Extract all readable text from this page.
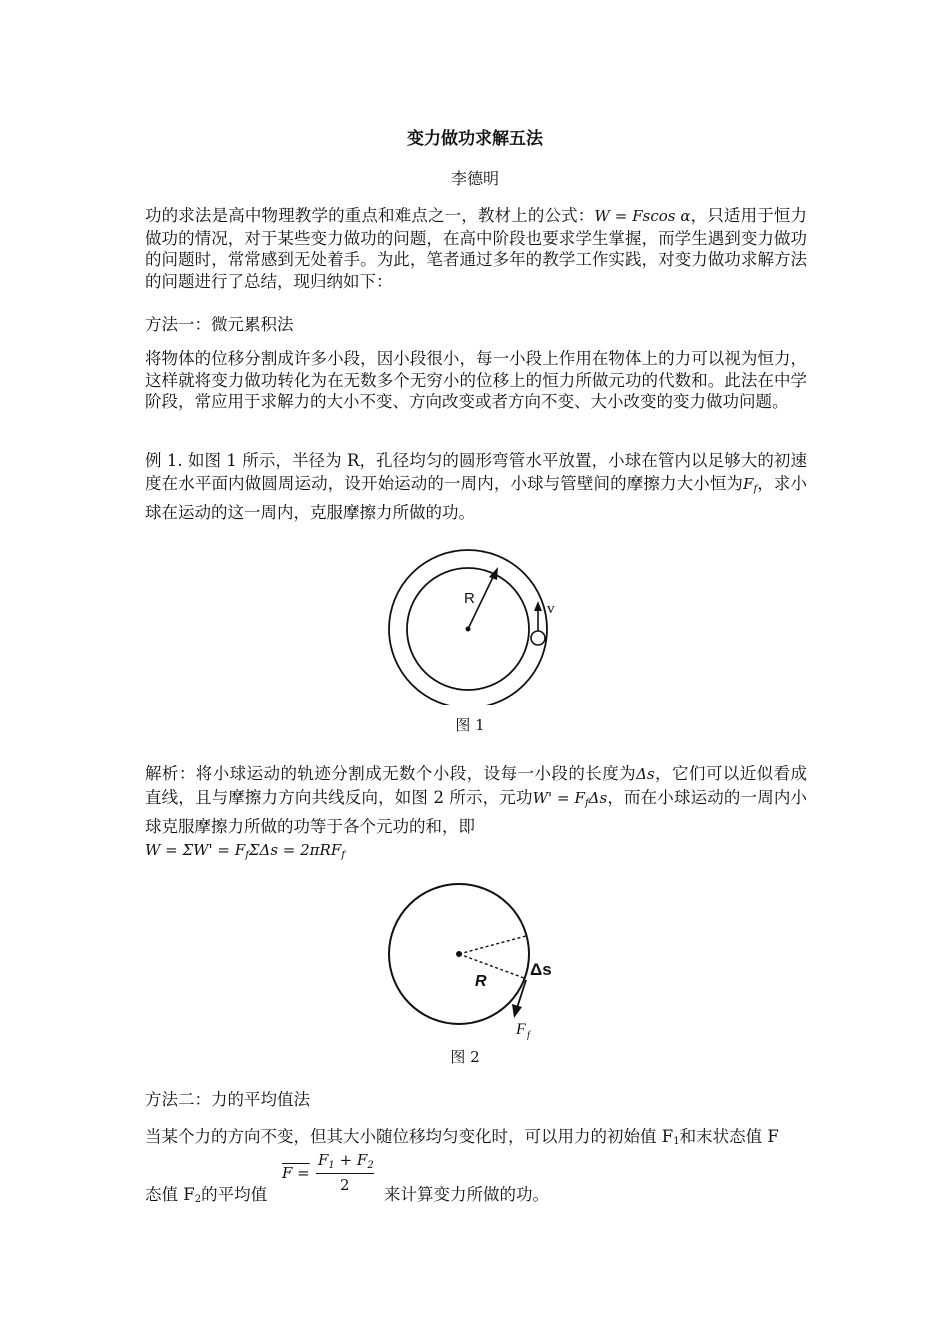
变力做功求解五法
李德明
功的求法是高中物理教学的重点和难点之一，教材上的公式：W = Fscos α，只适用于恒力做功的情况，对于某些变力做功的问题，在高中阶段也要求学生掌握，而学生遇到变力做功的问题时，常常感到无处着手。为此，笔者通过多年的教学工作实践，对变力做功求解方法的问题进行了总结，现归纳如下：
方法一：微元累积法
将物体的位移分割成许多小段，因小段很小，每一小段上作用在物体上的力可以视为恒力，这样就将变力做功转化为在无数多个无穷小的位移上的恒力所做元功的代数和。此法在中学阶段，常应用于求解力的大小不变、方向改变或者方向不变、大小改变的变力做功问题。
例 1. 如图 1 所示，半径为 R，孔径均匀的圆形弯管水平放置，小球在管内以足够大的初速度在水平面内做圆周运动，设开始运动的一周内，小球与管壁间的摩擦力大小恒为$F_f$，求小球在运动的这一周内，克服摩擦力所做的功。
R
v
图 1
解析：将小球运动的轨迹分割成无数个小段，设每一小段的长度为Δs，它们可以近似看成直线，且与摩擦力方向共线反向，如图 2 所示，元功$W' = F_f\Delta s$，而在小球运动的一周内小球克服摩擦力所做的功等于各个元功的和，即
$W = \Sigma W' = F_f\Sigma\Delta s = 2\pi RF_f$
R
Δs
F f
图 2
方法二：力的平均值法
当某个力的方向不变，但其大小随位移均匀变化时，可以用力的初始值 F1和末状态值 F
态值 F2的平均值
F =
$F_1 + F_2$
2 来计算变力所做的功。
